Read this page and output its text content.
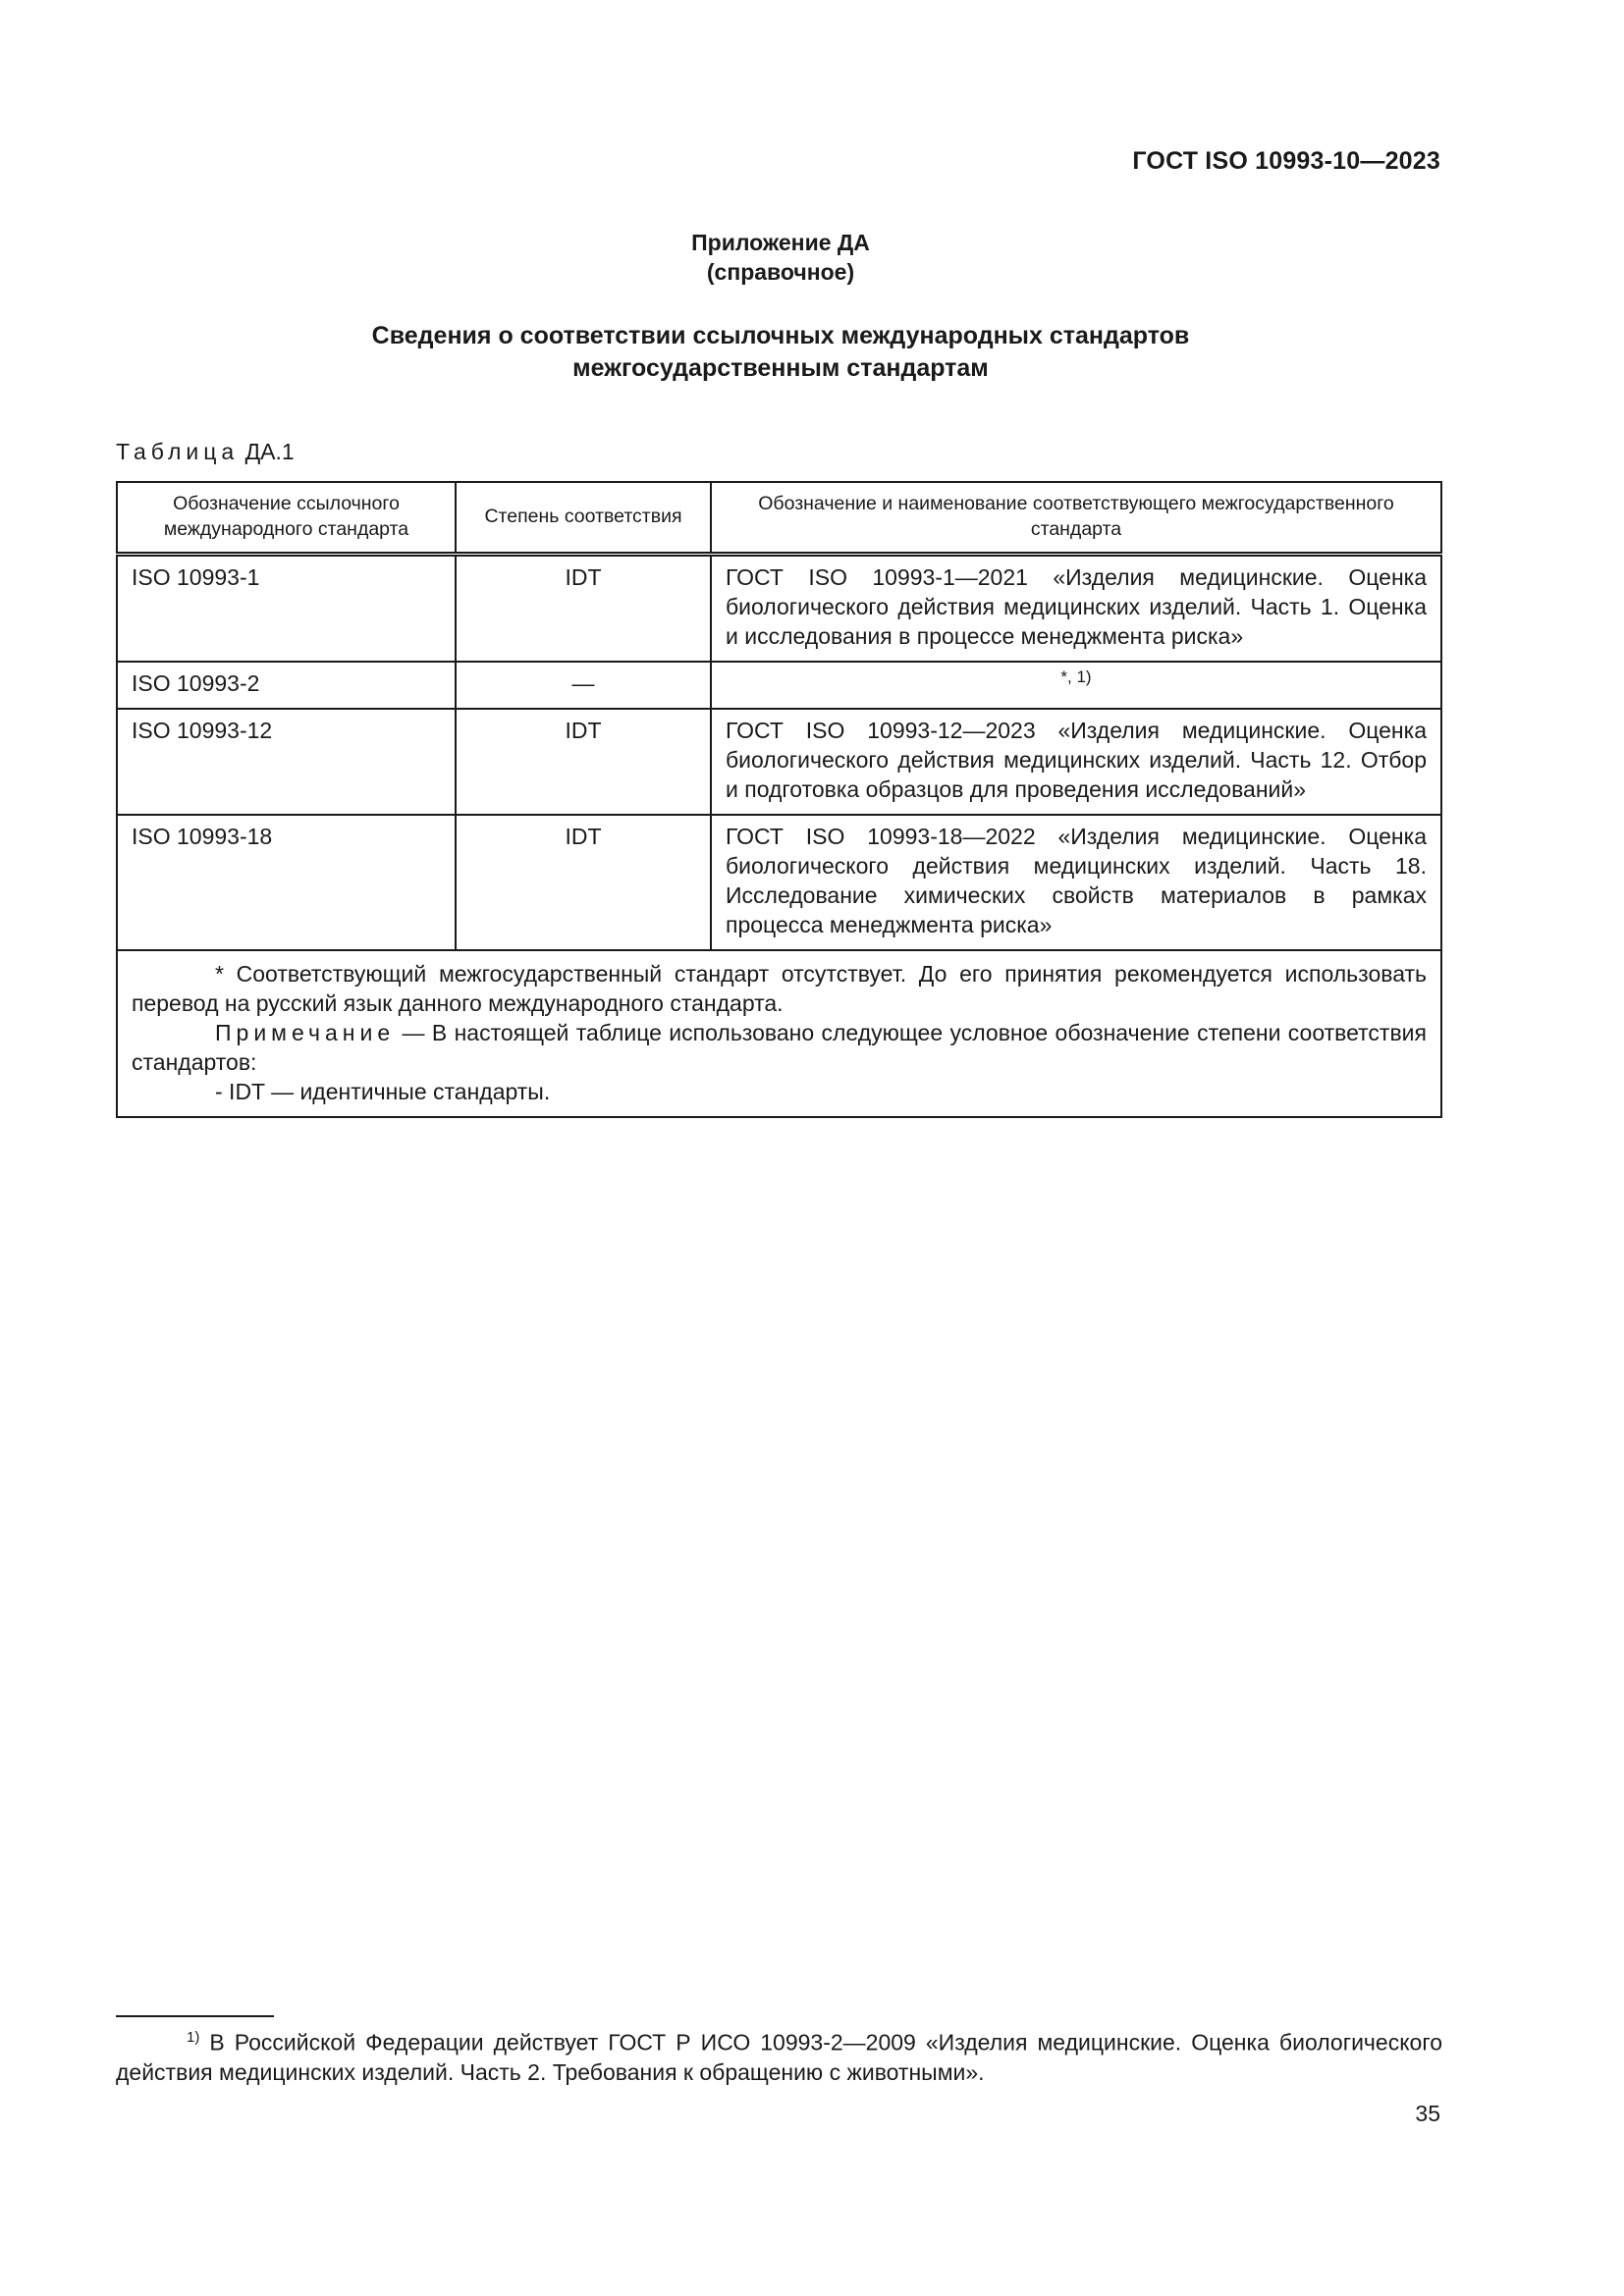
ГОСТ ISO 10993-10—2023
Приложение ДА
(справочное)
Сведения о соответствии ссылочных международных стандартов
межгосударственным стандартам
Таблица ДА.1
Обозначение ссылочного международного стандарта	Степень соответствия	Обозначение и наименование соответствующего межгосударственного стандарта
ISO 10993-1	IDT	ГОСТ ISO 10993-1—2021 «Изделия медицинские. Оценка биологического действия медицинских изделий. Часть 1. Оценка и исследования в процессе менеджмента риска»
ISO 10993-2	—	*, 1)
ISO 10993-12	IDT	ГОСТ ISO 10993-12—2023 «Изделия медицинские. Оценка биологического действия медицинских изделий. Часть 12. Отбор и подготовка образцов для проведения исследований»
ISO 10993-18	IDT	ГОСТ ISO 10993-18—2022 «Изделия медицинские. Оценка биологического действия медицинских изделий. Часть 18. Исследование химических свойств материалов в рамках процесса менеджмента риска»

* Соответствующий межгосударственный стандарт отсутствует. До его принятия рекомендуется использовать перевод на русский язык данного международного стандарта.

Примечание — В настоящей таблице использовано следующее условное обозначение степени соответствия стандартов:

- IDT — идентичные стандарты.		

$^{1)}$ В Российской Федерации действует ГОСТ Р ИСО 10993-2—2009 «Изделия медицинские. Оценка биологического действия медицинских изделий. Часть 2. Требования к обращению с животными».
35
